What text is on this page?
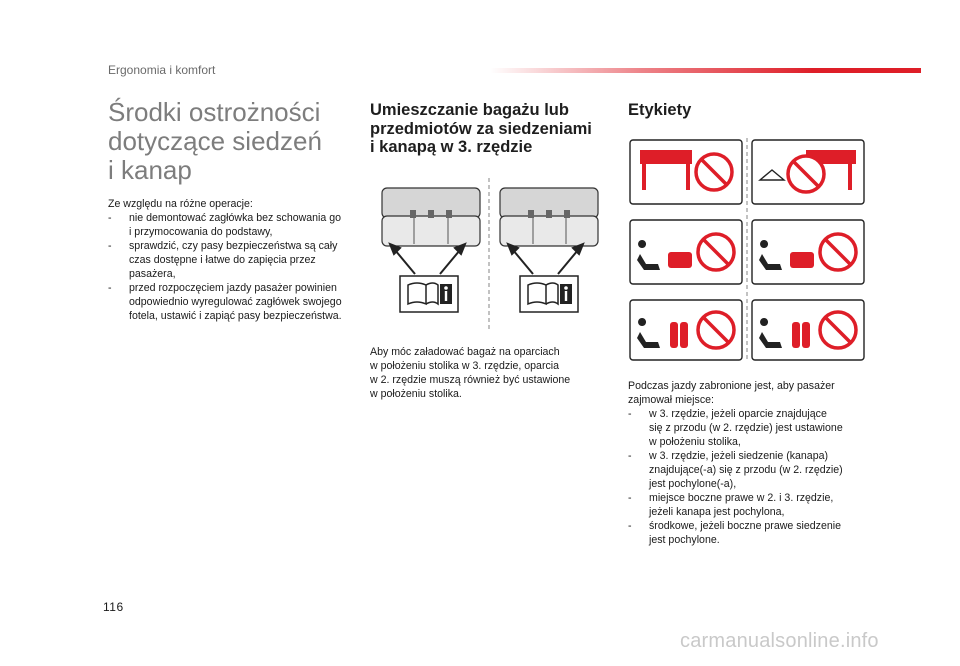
Ergonomia i komfort
Środki ostrożności
dotyczące siedzeń
i kanap

Ze względu na różne operacje:

- nie demontować zagłówka bez schowania go i przymocowania do podstawy,
- sprawdzić, czy pasy bezpieczeństwa są cały czas dostępne i łatwe do zapięcia przez pasażera,
- przed rozpoczęciem jazdy pasażer powinien odpowiednio wyregulować zagłówek swojego fotela, ustawić i zapiąć pasy bezpieczeństwa.
Umieszczanie bagażu lub
przedmiotów za siedzeniami
i kanapą w 3. rzędzie

Aby móc załadować bagaż na oparciach

w położeniu stolika w 3. rzędzie, oparcia

w 2. rzędzie muszą również być ustawione

w położeniu stolika.

Etykiety

Podczas jazdy zabronione jest, aby pasażer

zajmował miejsce:

- w 3. rzędzie, jeżeli oparcie znajdujące
się z przodu (w 2. rzędzie) jest ustawione
w położeniu stolika,
- w 3. rzędzie, jeżeli siedzenie (kanapa)
znajdujące(-a) się z przodu (w 2. rzędzie)
jest pochylone(-a),
- miejsce boczne prawe w 2. i 3. rzędzie,
jeżeli kanapa jest pochylona,
- środkowe, jeżeli boczne prawe siedzenie
jest pochylone.
116
carmanualsonline.info
